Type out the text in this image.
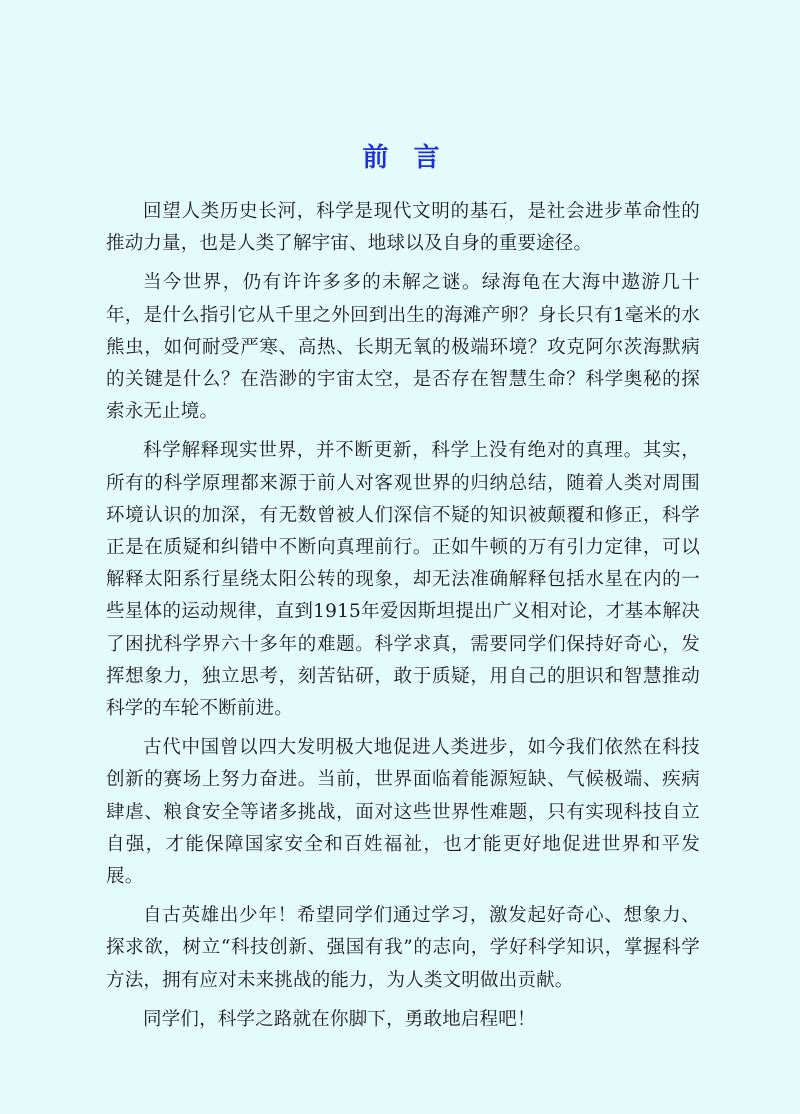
前 言

回望人类历史长河，科学是现代文明的基石，是社会进步革命性的推动力量，也是人类了解宇宙、地球以及自身的重要途径。

当今世界，仍有许许多多的未解之谜。绿海龟在大海中遨游几十年，是什么指引它从千里之外回到出生的海滩产卵？身长只有1毫米的水熊虫，如何耐受严寒、高热、长期无氧的极端环境？攻克阿尔茨海默病的关键是什么？在浩渺的宇宙太空，是否存在智慧生命？科学奥秘的探索永无止境。

科学解释现实世界，并不断更新，科学上没有绝对的真理。其实，所有的科学原理都来源于前人对客观世界的归纳总结，随着人类对周围环境认识的加深，有无数曾被人们深信不疑的知识被颠覆和修正，科学正是在质疑和纠错中不断向真理前行。正如牛顿的万有引力定律，可以解释太阳系行星绕太阳公转的现象，却无法准确解释包括水星在内的一些星体的运动规律，直到1915年爱因斯坦提出广义相对论，才基本解决了困扰科学界六十多年的难题。科学求真，需要同学们保持好奇心，发挥想象力，独立思考，刻苦钻研，敢于质疑，用自己的胆识和智慧推动科学的车轮不断前进。

古代中国曾以四大发明极大地促进人类进步，如今我们依然在科技创新的赛场上努力奋进。当前，世界面临着能源短缺、气候极端、疾病肆虐、粮食安全等诸多挑战，面对这些世界性难题，只有实现科技自立自强，才能保障国家安全和百姓福祉，也才能更好地促进世界和平发展。

自古英雄出少年！希望同学们通过学习，激发起好奇心、想象力、探求欲，树立“科技创新、强国有我”的志向，学好科学知识，掌握科学方法，拥有应对未来挑战的能力，为人类文明做出贡献。

同学们，科学之路就在你脚下，勇敢地启程吧！
